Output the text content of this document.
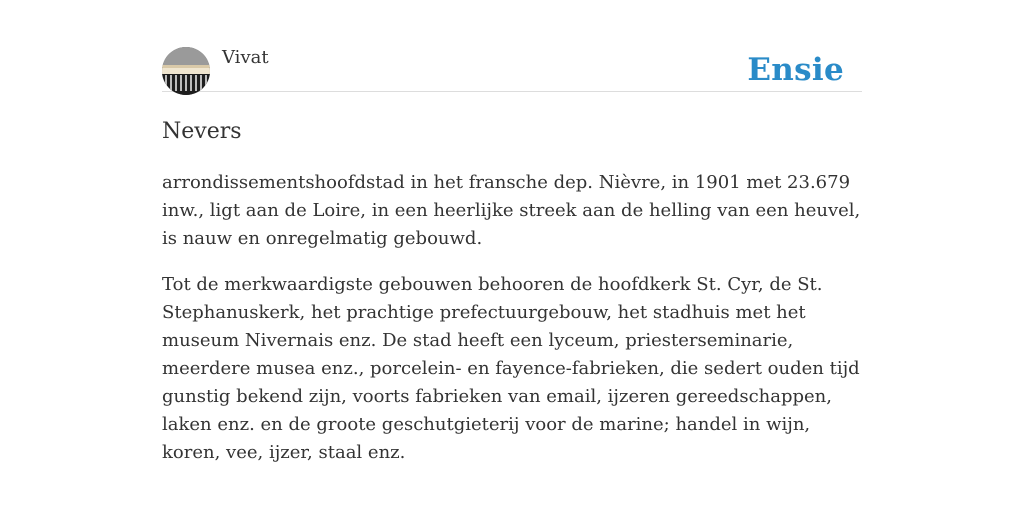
Vivat	Ensie
Nevers

arrondissementshoofdstad in het fransche dep. Nièvre, in 1901 met 23.679 inw., ligt aan de Loire, in een heerlijke streek aan de helling van een heuvel, is nauw en onregelmatig gebouwd.

Tot de merkwaardigste gebouwen behooren de hoofdkerk St. Cyr, de St. Stephanuskerk, het prachtige prefectuurgebouw, het stadhuis met het museum Nivernais enz. De stad heeft een lyceum, priesterseminarie, meerdere musea enz., porcelein- en fayence-fabrieken, die sedert ouden tijd gunstig bekend zijn, voorts fabrieken van email, ijzeren gereedschappen, laken enz. en de groote geschutgieterij voor de marine; handel in wijn, koren, vee, ijzer, staal enz.
